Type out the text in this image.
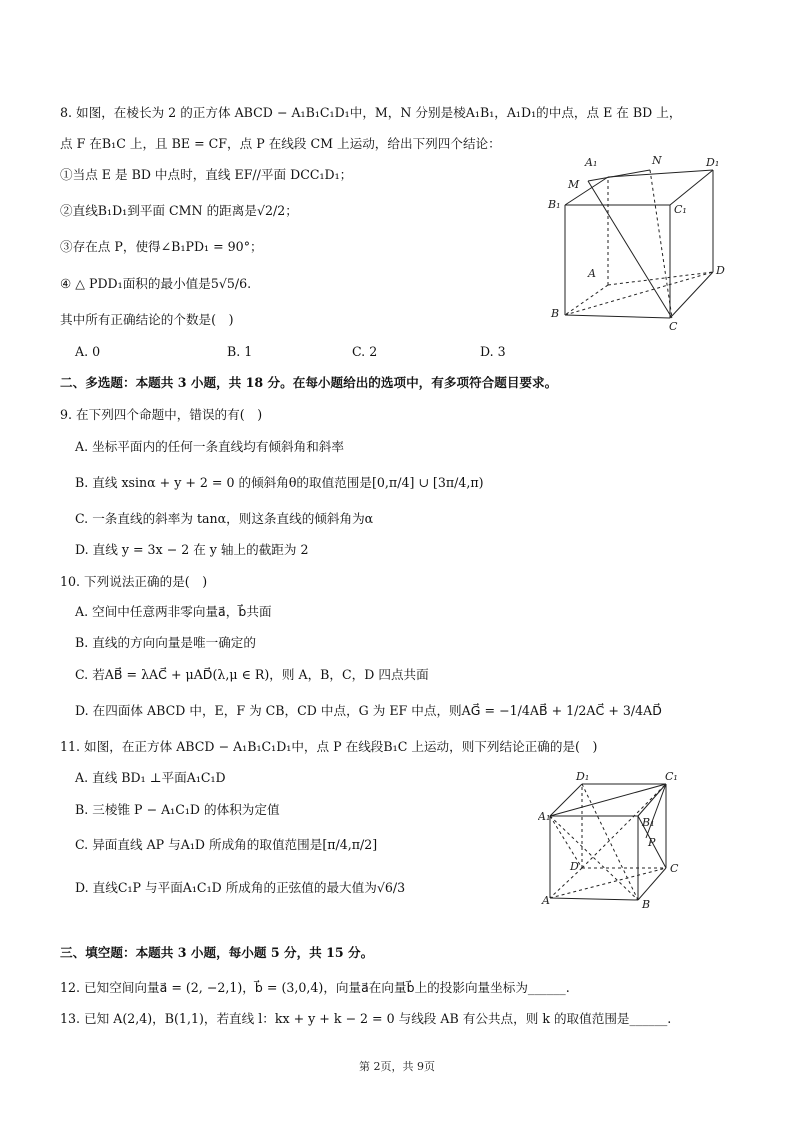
8. 如图，在棱长为 2 的正方体 ABCD − A₁B₁C₁D₁中，M，N 分别是棱A₁B₁，A₁D₁的中点，点 E 在 BD 上，
点 F 在B₁C 上，且 BE = CF，点 P 在线段 CM 上运动，给出下列四个结论：
①当点 E 是 BD 中点时，直线 EF//平面 DCC₁D₁；
②直线B₁D₁到平面 CMN 的距离是√2/2；
③存在点 P，使得∠B₁PD₁ = 90°；
④ △ PDD₁面积的最小值是5√5/6.
其中所有正确结论的个数是(　)
A. 0	B. 1	C. 2	D. 3
A₁	N	D₁
M
B₁	C₁
A	D
B
C
二、多选题：本题共 3 小题，共 18 分。在每小题给出的选项中，有多项符合题目要求。
9. 在下列四个命题中，错误的有(　)
A. 坐标平面内的任何一条直线均有倾斜角和斜率
B. 直线 xsinα + y + 2 = 0 的倾斜角θ的取值范围是[0,π/4] ∪ [3π/4,π)
C. 一条直线的斜率为 tanα，则这条直线的倾斜角为α
D. 直线 y = 3x − 2 在 y 轴上的截距为 2
10. 下列说法正确的是(　)
A. 空间中任意两非零向量a⃗，b⃗共面
B. 直线的方向向量是唯一确定的
C. 若AB⃗ = λAC⃗ + μAD⃗(λ,μ ∈ R)，则 A，B，C，D 四点共面
D. 在四面体 ABCD 中，E，F 为 CB，CD 中点，G 为 EF 中点，则AG⃗ = −1/4AB⃗ + 1/2AC⃗ + 3/4AD⃗
11. 如图，在正方体 ABCD − A₁B₁C₁D₁中，点 P 在线段B₁C 上运动，则下列结论正确的是(　)
A. 直线 BD₁ ⊥平面A₁C₁D
B. 三棱锥 P − A₁C₁D 的体积为定值
C. 异面直线 AP 与A₁D 所成角的取值范围是[π/4,π/2]
D. 直线C₁P 与平面A₁C₁D 所成角的正弦值的最大值为√6/3
D₁	C₁
A₁	B₁
P
D	C
A	B
三、填空题：本题共 3 小题，每小题 5 分，共 15 分。
12. 已知空间向量a⃗ = (2, −2,1)，b⃗ = (3,0,4)，向量a⃗在向量b⃗上的投影向量坐标为______.
13. 已知 A(2,4)，B(1,1)，若直线 l：kx + y + k − 2 = 0 与线段 AB 有公共点，则 k 的取值范围是______.
第 2页，共 9页
